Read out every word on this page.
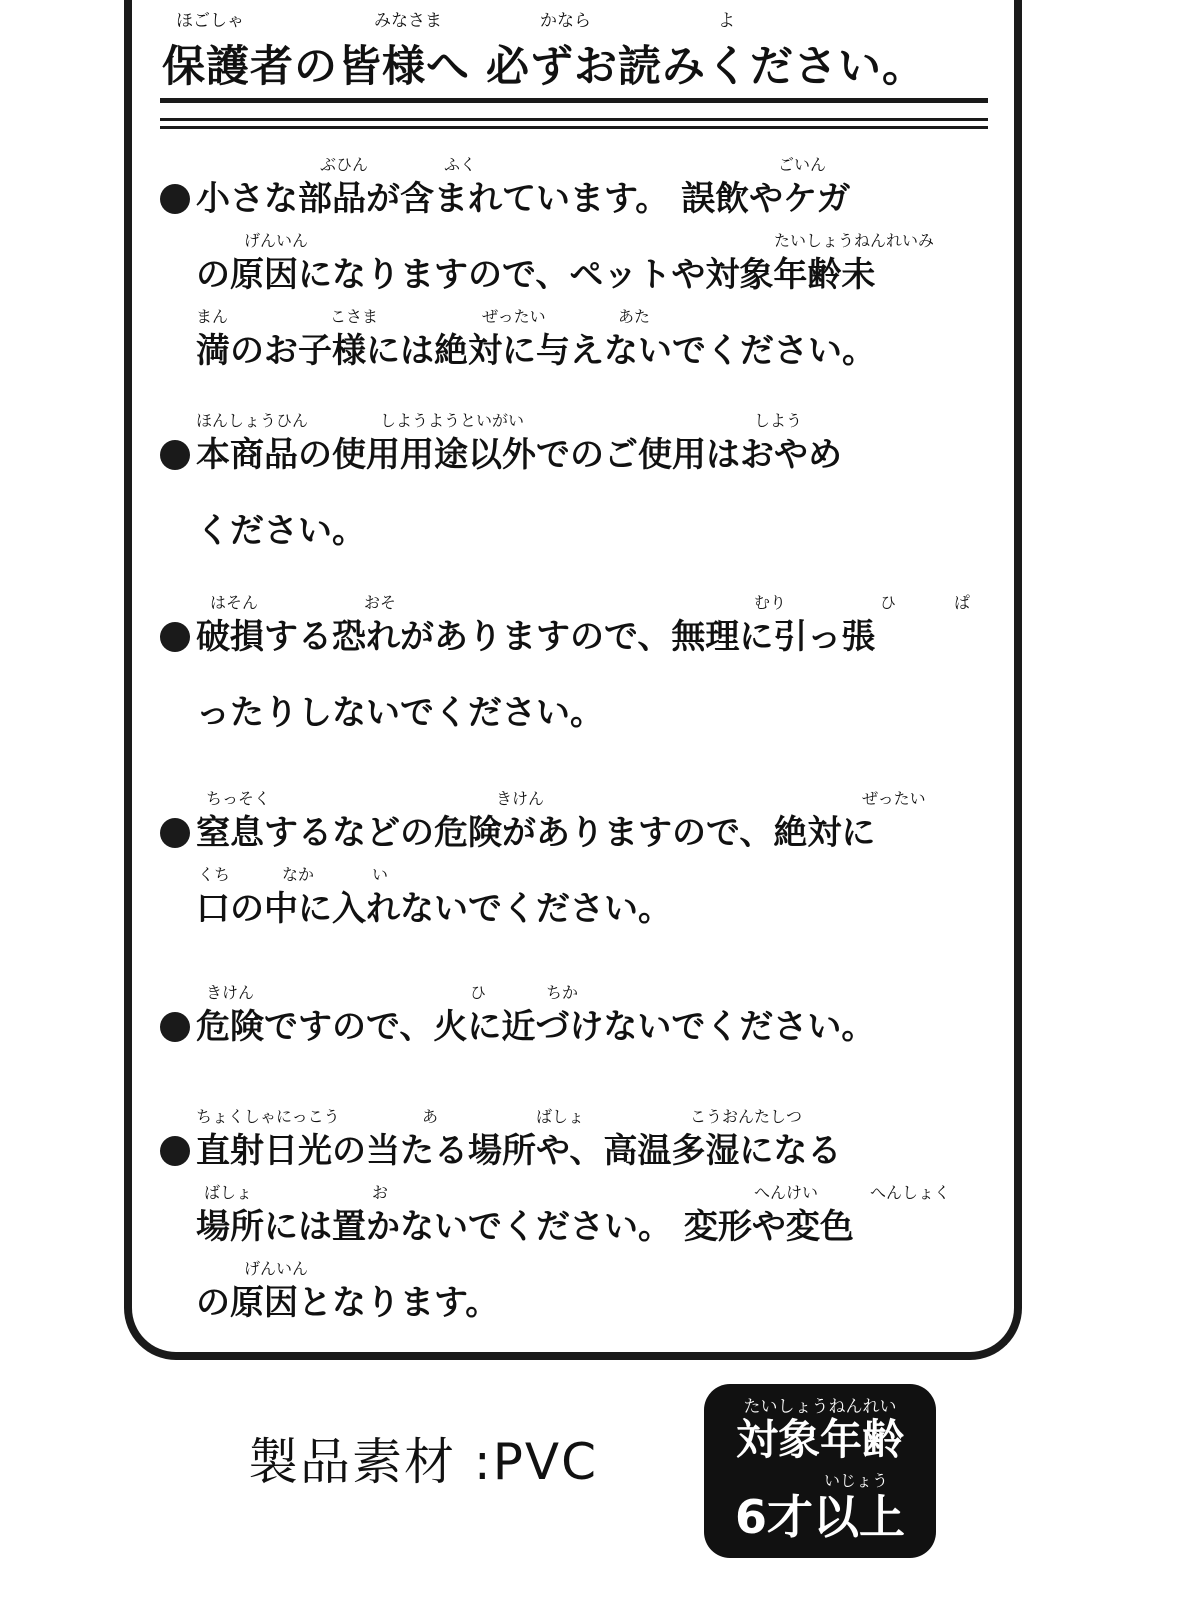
ほごしゃ	みなさま	かなら	よ
保護者の皆様へ 必ずお読みください。
ぶひん	ふく	ごいん
小さな部品が含まれています。 誤飲やケガ
げんいん	たいしょうねんれいみ
の原因になりますので、ペットや対象年齢未
まん	こさま	ぜったい	あた
満のお子様には絶対に与えないでください。
ほんしょうひん	しようようといがい	しよう
本商品の使用用途以外でのご使用はおやめ
ください。
はそん	おそ	むり	ひ	ぱ
破損する恐れがありますので、無理に引っ張
ったりしないでください。
ちっそく	きけん	ぜったい
窒息するなどの危険がありますので、絶対に
くち	なか	い
口の中に入れないでください。
きけん	ひ	ちか
危険ですので、火に近づけないでください。
ちょくしゃにっこう	あ	ばしょ	こうおんたしつ
直射日光の当たる場所や、高温多湿になる
ばしょ	お	へんけい	へんしょく
場所には置かないでください。 変形や変色
げんいん
の原因となります。
製品素材 :PVC
たいしょうねんれい
対象年齢
いじょう
6才以上
